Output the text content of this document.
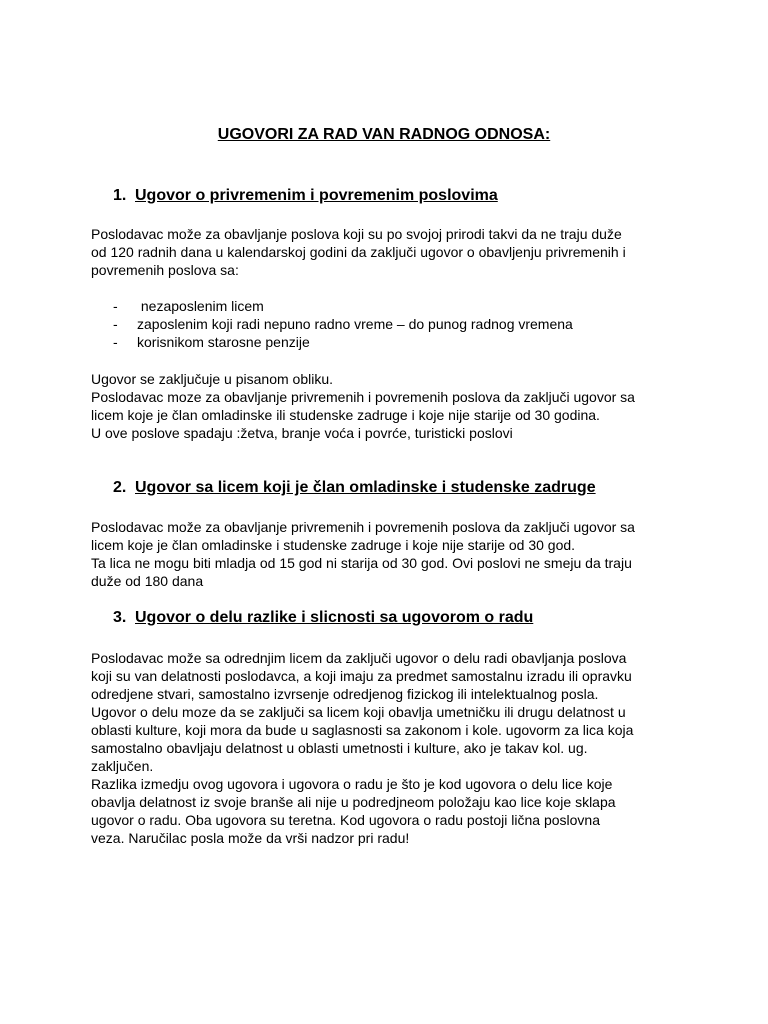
UGOVORI ZA RAD VAN RADNOG ODNOSA:
1. Ugovor o privremenim i povremenim poslovima

Poslodavac može za obavljanje poslova koji su po svojoj prirodi takvi da ne traju duže
od 120 radnih dana u kalendarskoj godini da zaključi ugovor o obavljenju privremenih i
povremenih poslova sa:

- nezaposlenim licem
- zaposlenim koji radi nepuno radno vreme – do punog radnog vremena
- korisnikom starosne penzije

Ugovor se zaključuje u pisanom obliku.
Poslodavac moze za obavljanje privremenih i povremenih poslova da zaključi ugovor sa
licem koje je član omladinske ili studenske zadruge i koje nije starije od 30 godina.
U ove poslove spadaju :žetva, branje voća i povrće, turisticki poslovi

2. Ugovor sa licem koji je član omladinske i studenske zadruge

Poslodavac može za obavljanje privremenih i povremenih poslova da zaključi ugovor sa
licem koje je član omladinske i studenske zadruge i koje nije starije od 30 god.
Ta lica ne mogu biti mladja od 15 god ni starija od 30 god. Ovi poslovi ne smeju da traju
duže od 180 dana

3. Ugovor o delu razlike i slicnosti sa ugovorom o radu

Poslodavac može sa odrednjim licem da zaključi ugovor o delu radi obavljanja poslova
koji su van delatnosti poslodavca, a koji imaju za predmet samostalnu izradu ili opravku
odredjene stvari, samostalno izvrsenje odredjenog fizickog ili intelektualnog posla.
Ugovor o delu moze da se zaključi sa licem koji obavlja umetničku ili drugu delatnost u
oblasti kulture, koji mora da bude u saglasnosti sa zakonom i kole. ugovorm za lica koja
samostalno obavljaju delatnost u oblasti umetnosti i kulture, ako je takav kol. ug.
zaključen.
Razlika izmedju ovog ugovora i ugovora o radu je što je kod ugovora o delu lice koje
obavlja delatnost iz svoje branše ali nije u podredjneom položaju kao lice koje sklapa
ugovor o radu. Oba ugovora su teretna. Kod ugovora o radu postoji lična poslovna
veza. Naručilac posla može da vrši nadzor pri radu!
